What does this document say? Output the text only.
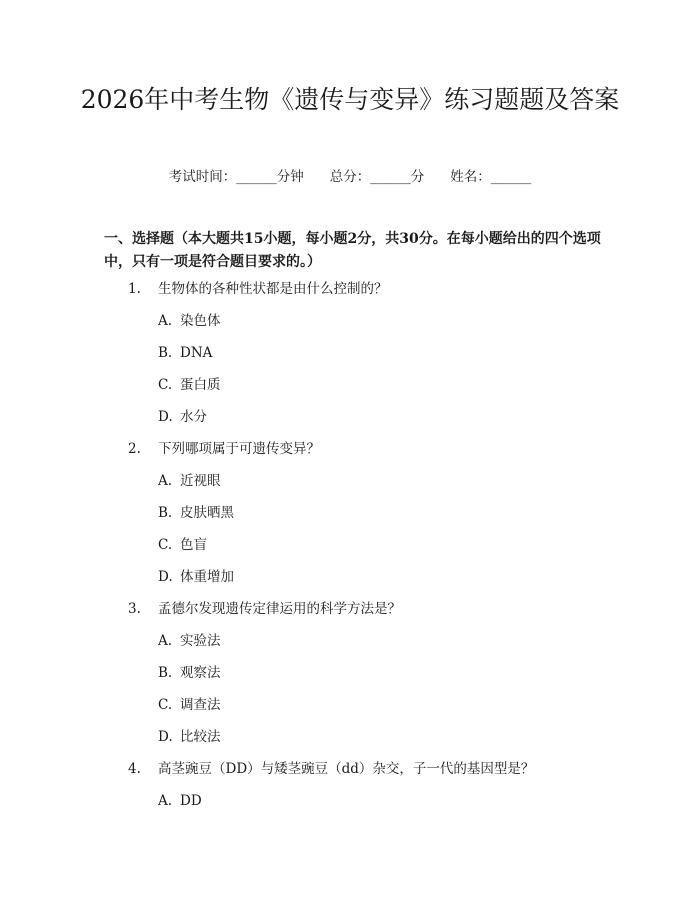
2026年中考生物《遗传与变异》练习题题及答案
考试时间：______分钟 总分：______分 姓名：______
一、选择题（本大题共15小题，每小题2分，共30分。在每小题给出的四个选项中，只有一项是符合题目要求的。）
1. 生物体的各种性状都是由什么控制的？
A. 染色体
B. DNA
C. 蛋白质
D. 水分
2. 下列哪项属于可遗传变异？
A. 近视眼
B. 皮肤晒黑
C. 色盲
D. 体重增加
3. 孟德尔发现遗传定律运用的科学方法是？
A. 实验法
B. 观察法
C. 调查法
D. 比较法
4. 高茎豌豆（DD）与矮茎豌豆（dd）杂交，子一代的基因型是？
A. DD
